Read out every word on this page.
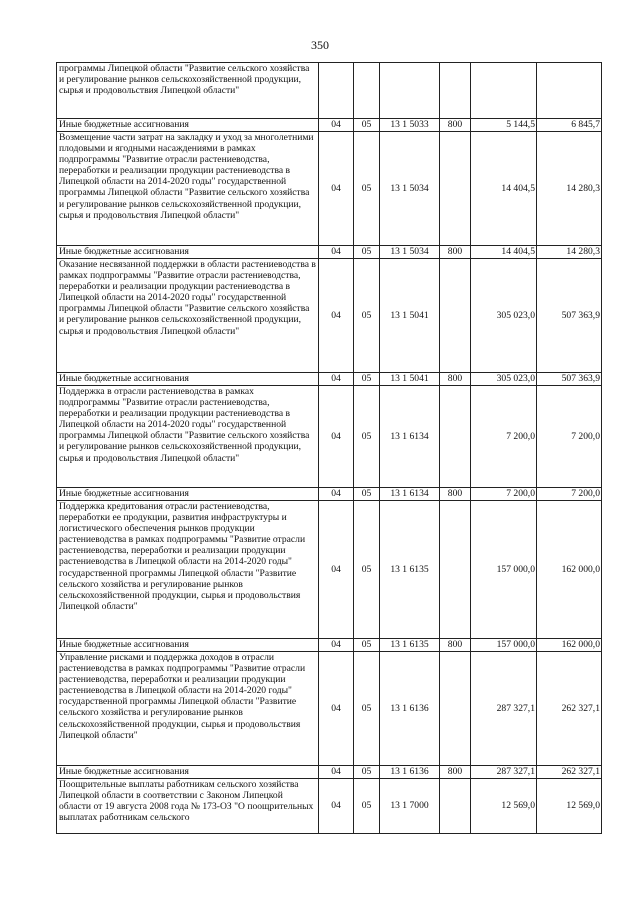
350
программы Липецкой области "Развитие сельского хозяйства и регулирование рынков сельскохозяйственной продукции, сырья и продовольствия Липецкой области"						
Иные бюджетные ассигнования	04	05	13 1 5033	800	5 144,5	6 845,7
Возмещение части затрат на закладку и уход за многолетними плодовыми и ягодными насаждениями в рамках подпрограммы "Развитие отрасли растениеводства, переработки и реализации продукции растениеводства в Липецкой области на 2014-2020 годы" государственной программы Липецкой области "Развитие сельского хозяйства и регулирование рынков сельскохозяйственной продукции, сырья и продовольствия Липецкой области"	04	05	13 1 5034		14 404,5	14 280,3
Иные бюджетные ассигнования	04	05	13 1 5034	800	14 404,5	14 280,3
Оказание несвязанной поддержки в области растениеводства в рамках подпрограммы "Развитие отрасли растениеводства, переработки и реализации продукции растениеводства в Липецкой области на 2014-2020 годы" государственной программы Липецкой области "Развитие сельского хозяйства и регулирование рынков сельскохозяйственной продукции, сырья и продовольствия Липецкой области"	04	05	13 1 5041		305 023,0	507 363,9
Иные бюджетные ассигнования	04	05	13 1 5041	800	305 023,0	507 363,9
Поддержка в отрасли растениеводства в рамках подпрограммы "Развитие отрасли растениеводства, переработки и реализации продукции растениеводства в Липецкой области на 2014-2020 годы" государственной программы Липецкой области "Развитие сельского хозяйства и регулирование рынков сельскохозяйственной продукции, сырья и продовольствия Липецкой области"	04	05	13 1 6134		7 200,0	7 200,0
Иные бюджетные ассигнования	04	05	13 1 6134	800	7 200,0	7 200,0
Поддержка кредитования отрасли растениеводства, переработки ее продукции, развития инфраструктуры и логистического обеспечения рынков продукции растениеводства в рамках подпрограммы "Развитие отрасли растениеводства, переработки и реализации продукции растениеводства в Липецкой области на 2014-2020 годы" государственной программы Липецкой области "Развитие сельского хозяйства и регулирование рынков сельскохозяйственной продукции, сырья и продовольствия Липецкой области"	04	05	13 1 6135		157 000,0	162 000,0
Иные бюджетные ассигнования	04	05	13 1 6135	800	157 000,0	162 000,0
Управление рисками и поддержка доходов в отрасли растениеводства в рамках подпрограммы "Развитие отрасли растениеводства, переработки и реализации продукции растениеводства в Липецкой области на 2014-2020 годы" государственной программы Липецкой области "Развитие сельского хозяйства и регулирование рынков сельскохозяйственной продукции, сырья и продовольствия Липецкой области"	04	05	13 1 6136		287 327,1	262 327,1
Иные бюджетные ассигнования	04	05	13 1 6136	800	287 327,1	262 327,1
Поощрительные выплаты работникам сельского хозяйства Липецкой области в соответствии с Законом Липецкой области от 19 августа 2008 года № 173-ОЗ "О поощрительных выплатах работникам сельского	04	05	13 1 7000		12 569,0	12 569,0
